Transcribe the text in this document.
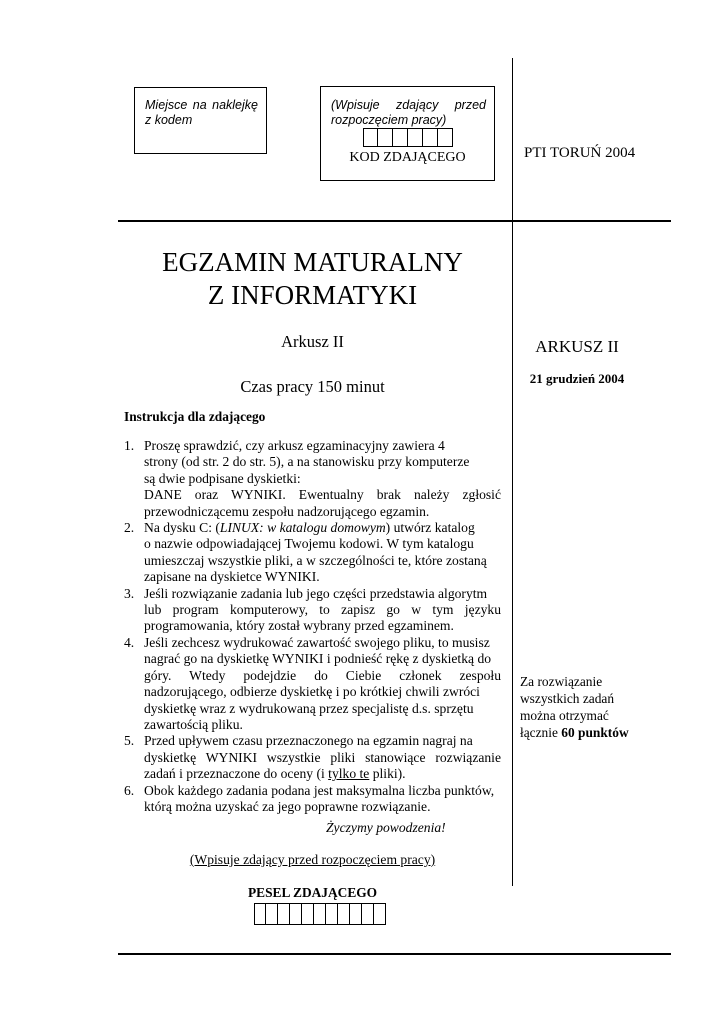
Miejsce na naklejkę
z kodem
(Wpisuje zdający przed
rozpoczęciem pracy)
KOD ZDAJĄCEGO	PTI TORUŃ 2004
EGZAMIN MATURALNY
Z INFORMATYKI
Arkusz II
Czas pracy 150 minut
ARKUSZ II
21 grudzień 2004
Za rozwiązanie
wszystkich zadań
można otrzymać
łącznie 60 punktów
Instrukcja dla zdającego
1. Proszę sprawdzić, czy arkusz egzaminacyjny zawiera 4
strony (od str. 2 do str. 5), a na stanowisku przy komputerze
są dwie podpisane dyskietki:
DANE oraz WYNIKI. Ewentualny brak należy zgłosić
przewodniczącemu zespołu nadzorującego egzamin.
2. Na dysku C: (LINUX: w katalogu domowym) utwórz katalog
o nazwie odpowiadającej Twojemu kodowi. W tym katalogu
umieszczaj wszystkie pliki, a w szczególności te, które zostaną
zapisane na dyskietce WYNIKI.
3. Jeśli rozwiązanie zadania lub jego części przedstawia algorytm
lub program komputerowy, to zapisz go w tym języku
programowania, który został wybrany przed egzaminem.
4. Jeśli zechcesz wydrukować zawartość swojego pliku, to musisz
nagrać go na dyskietkę WYNIKI i podnieść rękę z dyskietką do
góry. Wtedy podejdzie do Ciebie członek zespołu
nadzorującego, odbierze dyskietkę i po krótkiej chwili zwróci
dyskietkę wraz z wydrukowaną przez specjalistę d.s. sprzętu
zawartością pliku.
5. Przed upływem czasu przeznaczonego na egzamin nagraj na
dyskietkę WYNIKI wszystkie pliki stanowiące rozwiązanie
zadań i przeznaczone do oceny (i tylko te pliki).
6. Obok każdego zadania podana jest maksymalna liczba punktów,
którą można uzyskać za jego poprawne rozwiązanie.
Życzymy powodzenia!
(Wpisuje zdający przed rozpoczęciem pracy)
PESEL ZDAJĄCEGO
